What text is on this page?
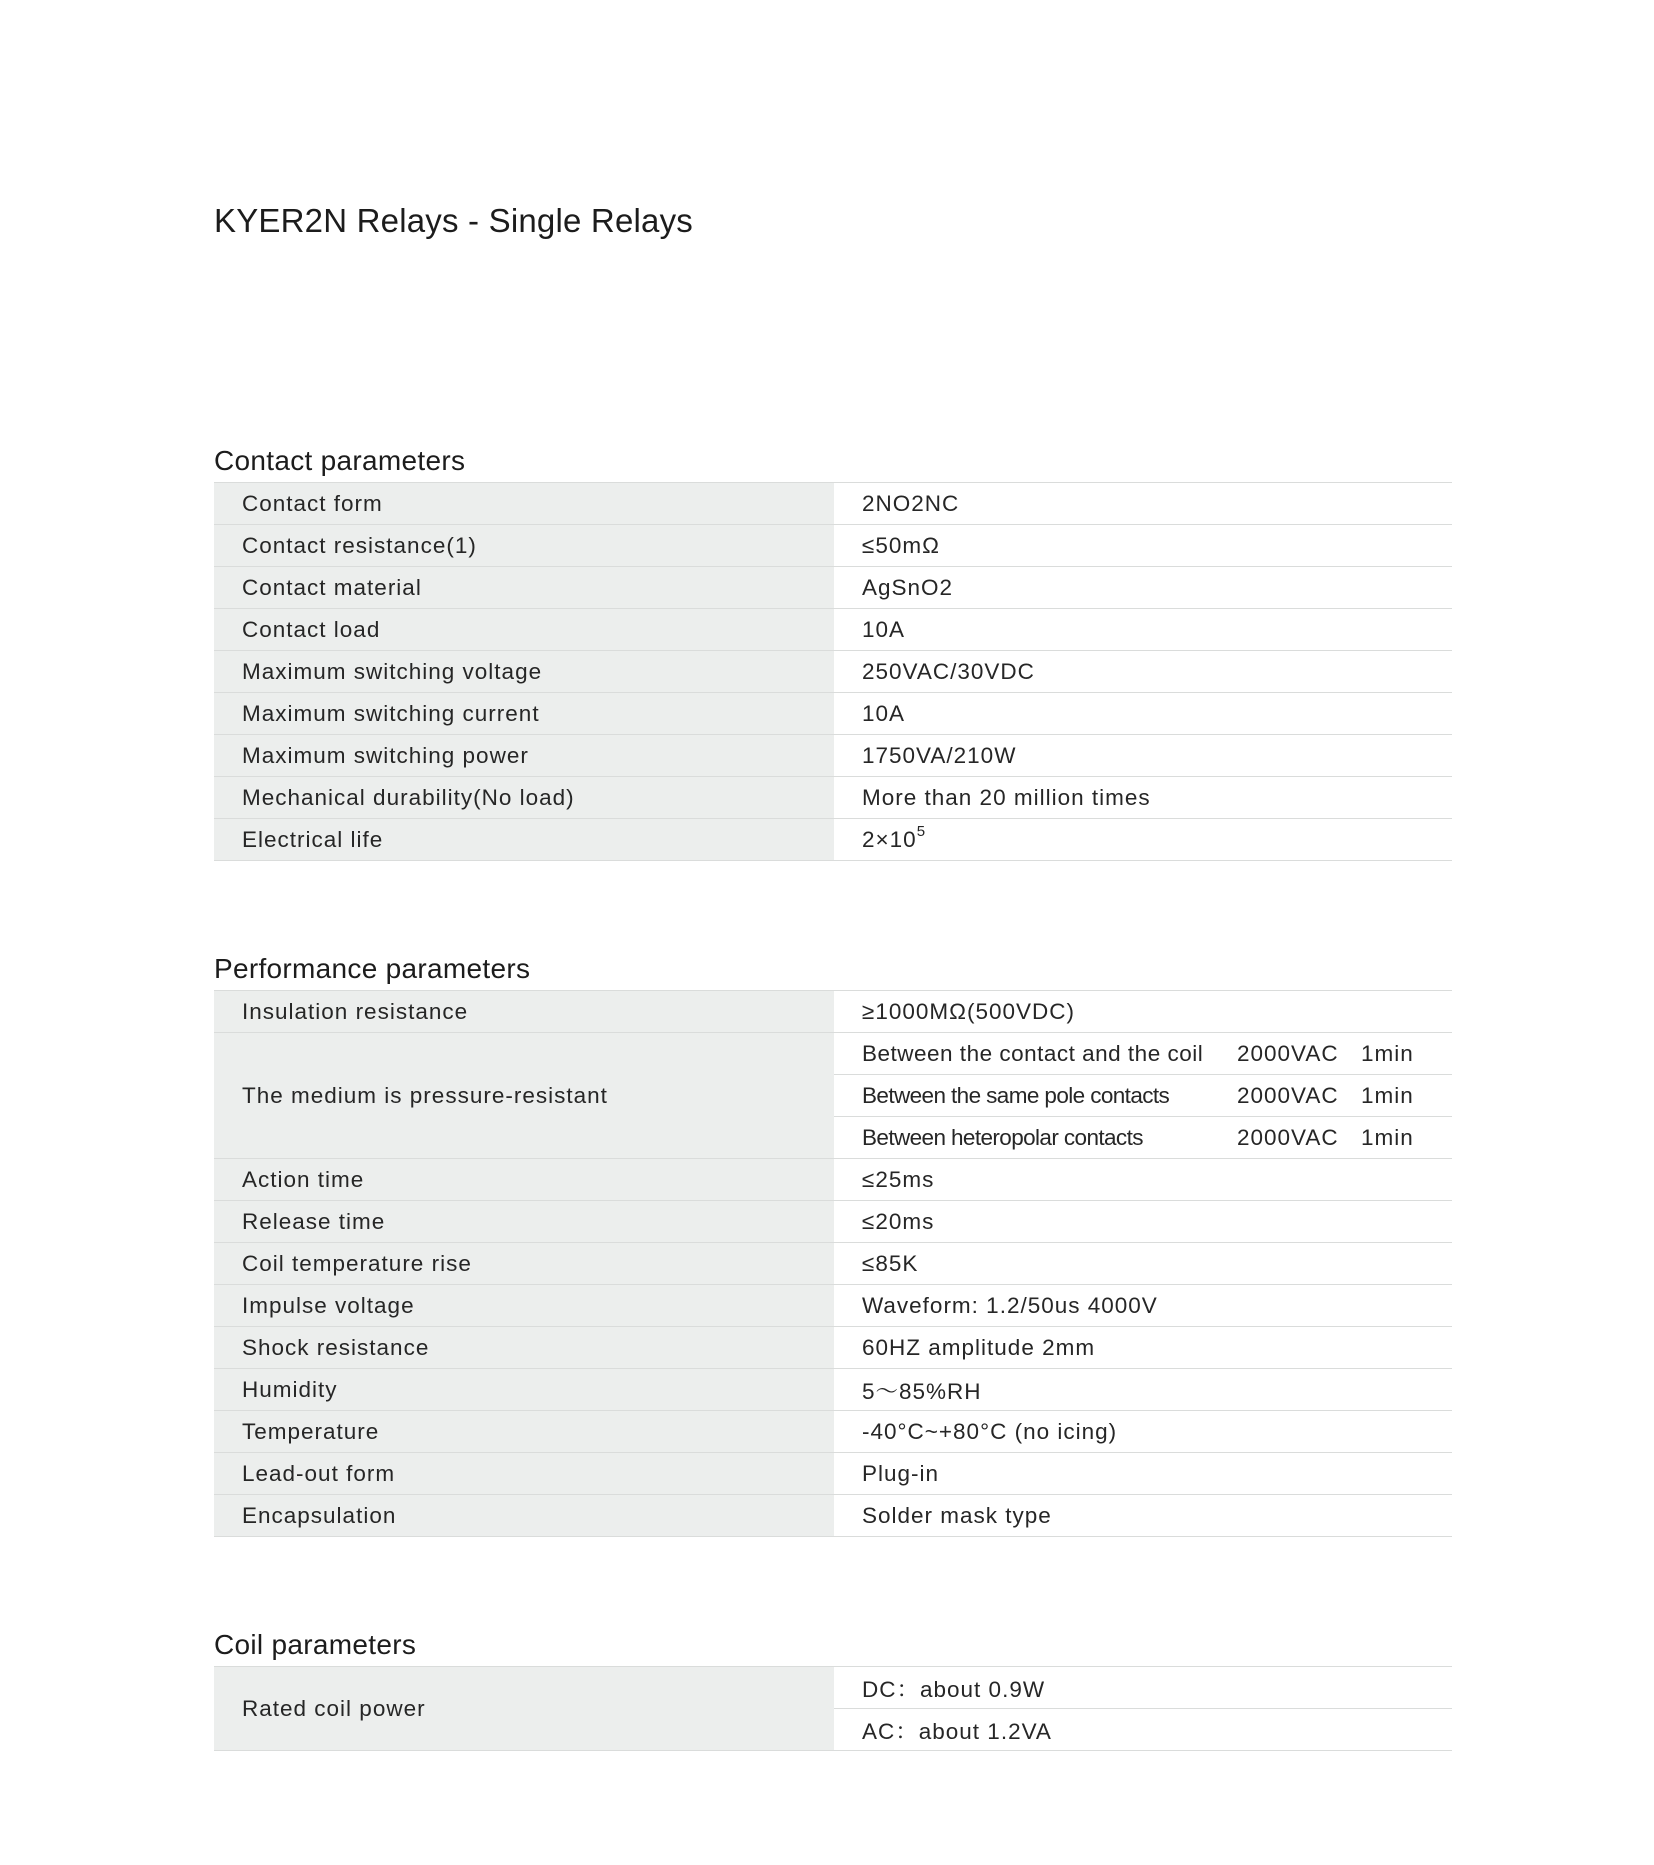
KYER2N Relays - Single Relays
Contact parameters
Contact form	2NO2NC
Contact resistance(1)	≤50mΩ
Contact material	AgSnO2
Contact load	10A
Maximum switching voltage	250VAC/30VDC
Maximum switching current	10A
Maximum switching power	1750VA/210W
Mechanical durability(No load)	More than 20 million times
Electrical life	$2\times 10^5$
Performance parameters
Insulation resistance	≥1000MΩ(500VDC)
The medium is pressure-resistant	Between the contact and the coil 2000VAC 1min

	Between the same pole contacts 2000VAC 1min

	Between heteropolar contacts 2000VAC 1min

Action time	≤25ms
Release time	≤20ms
Coil temperature rise	≤85K
Impulse voltage	Waveform: 1.2/50us 4000V
Shock resistance	60HZ amplitude 2mm
Humidity	5～85%RH
Temperature	-40°C~+80°C (no icing)
Lead-out form	Plug-in
Encapsulation	Solder mask type
Coil parameters
Rated coil power	DC：about 0.9W
AC：about 1.2VA
